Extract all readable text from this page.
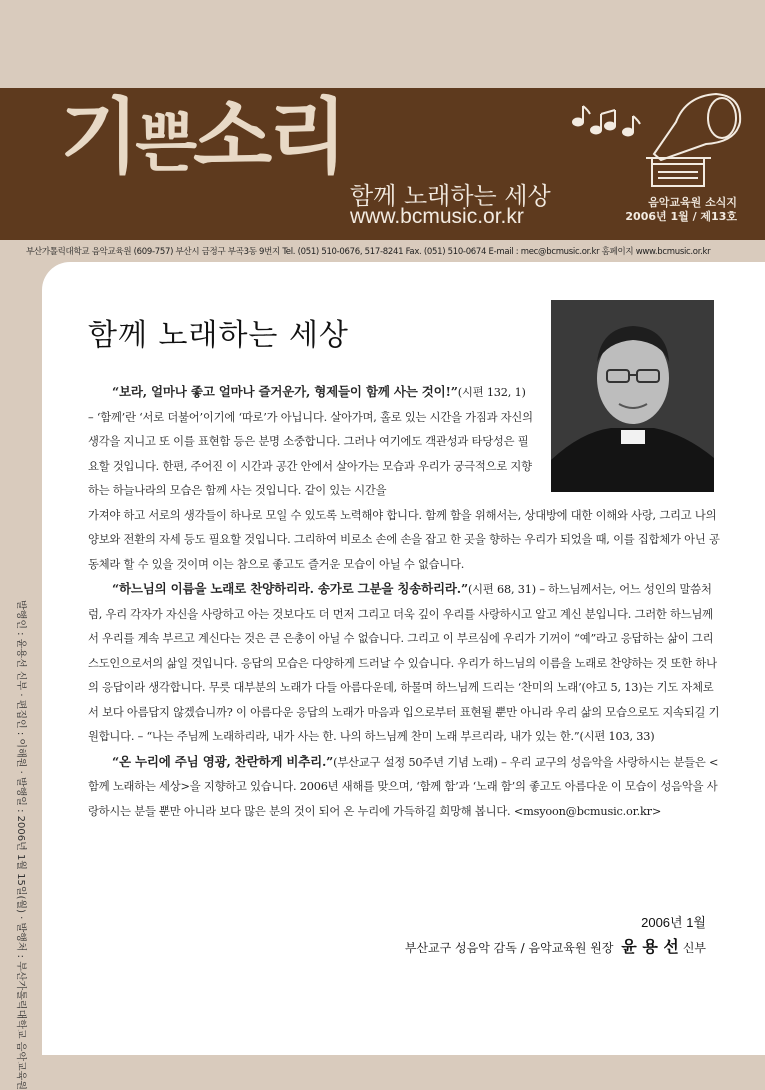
기쁜소리
함께 노래하는 세상
www.bcmusic.or.kr
음악교육원 소식지
2006년 1월 / 제13호
부산가톨릭대학교 음악교육원 (609-757) 부산시 금정구 부곡3동 9번지 Tel. (051) 510-0676, 517-8241 Fax. (051) 510-0674 E-mail : mec@bcmusic.or.kr 홈페이지 www.bcmusic.or.kr
발행인 : 윤용선 신부 · 편집인 : 이해원 · 발행일 : 2006년 1월 15일(월) · 발행처 : 부산가톨릭대학교 음악교육원
함께 노래하는 세상

“보라, 얼마나 좋고 얼마나 즐거운가, 형제들이 함께 사는 것이!”(시편 132, 1) – ‘함께’란 ‘서로 더불어’이기에 ‘따로’가 아닙니다. 살아가며, 홀로 있는 시간을 가짐과 자신의 생각을 지니고 또 이를 표현함 등은 분명 소중합니다. 그러나 여기에도 객관성과 타당성은 필요할 것입니다. 한편, 주어진 이 시간과 공간 안에서 살아가는 모습과 우리가 궁극적으로 지향하는 하늘나라의 모습은 함께 사는 것입니다. 같이 있는 시간을

가져야 하고 서로의 생각들이 하나로 모일 수 있도록 노력해야 합니다. 함께 함을 위해서는, 상대방에 대한 이해와 사랑, 그리고 나의 양보와 전환의 자세 등도 필요할 것입니다. 그리하여 비로소 손에 손을 잡고 한 곳을 향하는 우리가 되었을 때, 이를 집합체가 아닌 공동체라 할 수 있을 것이며 이는 참으로 좋고도 즐거운 모습이 아닐 수 없습니다.

“하느님의 이름을 노래로 찬양하리라. 송가로 그분을 칭송하리라.”(시편 68, 31) – 하느님께서는, 어느 성인의 말씀처럼, 우리 각자가 자신을 사랑하고 아는 것보다도 더 먼저 그리고 더욱 깊이 우리를 사랑하시고 알고 계신 분입니다. 그러한 하느님께서 우리를 계속 부르고 계신다는 것은 큰 은총이 아닐 수 없습니다. 그리고 이 부르심에 우리가 기꺼이 “예”라고 응답하는 삶이 그리스도인으로서의 삶일 것입니다. 응답의 모습은 다양하게 드러날 수 있습니다. 우리가 하느님의 이름을 노래로 찬양하는 것 또한 하나의 응답이라 생각합니다. 무릇 대부분의 노래가 다들 아름다운데, 하물며 하느님께 드리는 ‘찬미의 노래’(야고 5, 13)는 기도 자체로서 보다 아름답지 않겠습니까? 이 아름다운 응답의 노래가 마음과 입으로부터 표현될 뿐만 아니라 우리 삶의 모습으로도 지속되길 기원합니다. – “나는 주님께 노래하리라, 내가 사는 한. 나의 하느님께 찬미 노래 부르리라, 내가 있는 한.”(시편 103, 33)

“온 누리에 주님 영광, 찬란하게 비추리.”(부산교구 설정 50주년 기념 노래) – 우리 교구의 성음악을 사랑하시는 분들은 <함께 노래하는 세상>을 지향하고 있습니다. 2006년 새해를 맞으며, ‘함께 함’과 ‘노래 함’의 좋고도 아름다운 이 모습이 성음악을 사랑하시는 분들 뿐만 아니라 보다 많은 분의 것이 되어 온 누리에 가득하길 희망해 봅니다. <msyoon@bcmusic.or.kr>

2006년 1월
부산교구 성음악 감독 / 음악교육원 원장 윤 용 선 신부
